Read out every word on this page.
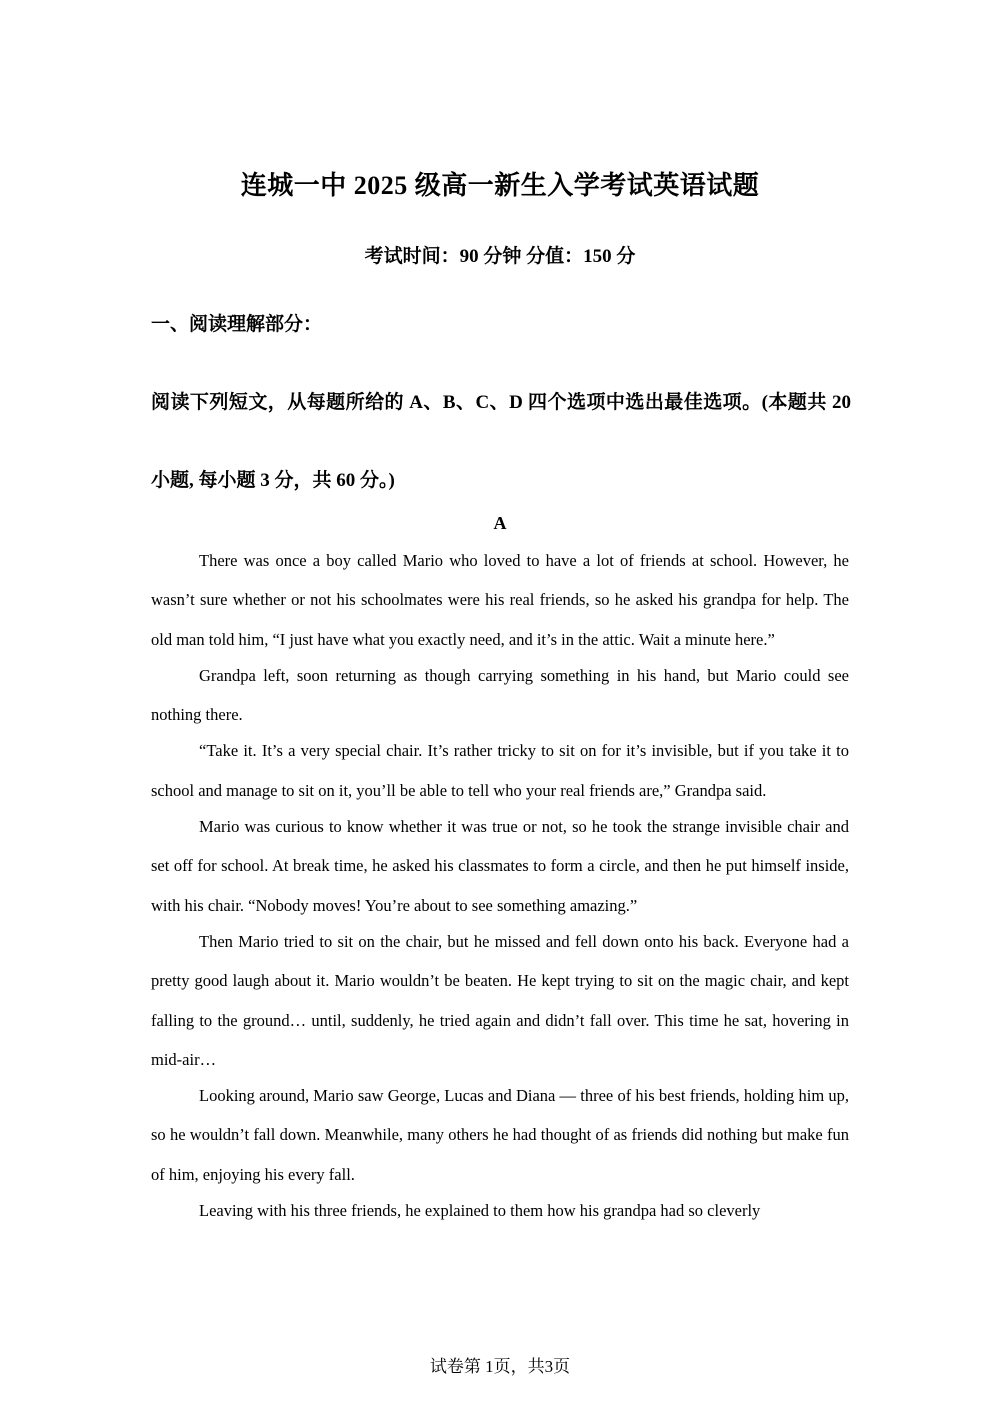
连城一中 2025 级高一新生入学考试英语试题
考试时间：90 分钟 分值：150 分
一、阅读理解部分：
阅读下列短文，从每题所给的 A、B、C、D 四个选项中选出最佳选项。(本题共 20 小题, 每小题 3 分，共 60 分。)
A

There was once a boy called Mario who loved to have a lot of friends at school. However, he wasn’t sure whether or not his schoolmates were his real friends, so he asked his grandpa for help. The old man told him, “I just have what you exactly need, and it’s in the attic. Wait a minute here.”

Grandpa left, soon returning as though carrying something in his hand, but Mario could see nothing there.

“Take it. It’s a very special chair. It’s rather tricky to sit on for it’s invisible, but if you take it to school and manage to sit on it, you’ll be able to tell who your real friends are,” Grandpa said.

Mario was curious to know whether it was true or not, so he took the strange invisible chair and set off for school. At break time, he asked his classmates to form a circle, and then he put himself inside, with his chair. “Nobody moves! You’re about to see something amazing.”

Then Mario tried to sit on the chair, but he missed and fell down onto his back. Everyone had a pretty good laugh about it. Mario wouldn’t be beaten. He kept trying to sit on the magic chair, and kept falling to the ground… until, suddenly, he tried again and didn’t fall over. This time he sat, hovering in mid-air…

Looking around, Mario saw George, Lucas and Diana — three of his best friends, holding him up, so he wouldn’t fall down. Meanwhile, many others he had thought of as friends did nothing but make fun of him, enjoying his every fall.

Leaving with his three friends, he explained to them how his grandpa had so cleverly

试卷第 1页，共3页
